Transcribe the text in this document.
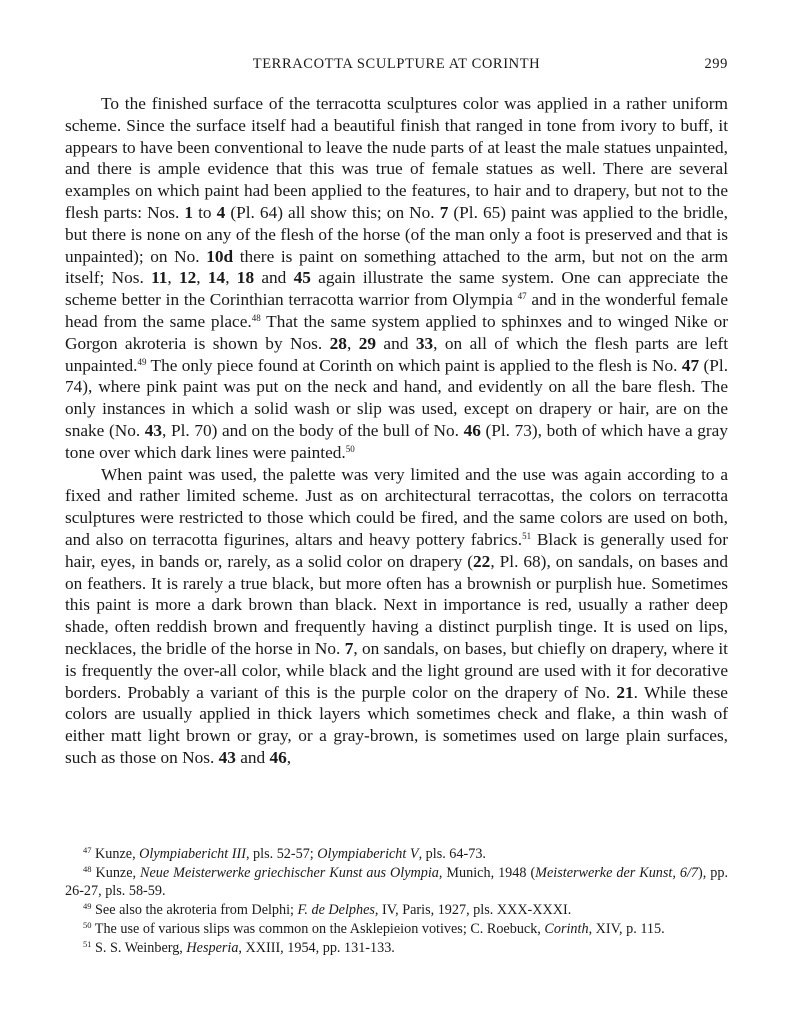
TERRACOTTA SCULPTURE AT CORINTH	299

To the finished surface of the terracotta sculptures color was applied in a rather uniform scheme. Since the surface itself had a beautiful finish that ranged in tone from ivory to buff, it appears to have been conventional to leave the nude parts of at least the male statues unpainted, and there is ample evidence that this was true of female statues as well. There are several examples on which paint had been applied to the features, to hair and to drapery, but not to the flesh parts: Nos. 1 to 4 (Pl. 64) all show this; on No. 7 (Pl. 65) paint was applied to the bridle, but there is none on any of the flesh of the horse (of the man only a foot is preserved and that is unpainted); on No. 10d there is paint on something attached to the arm, but not on the arm itself; Nos. 11, 12, 14, 18 and 45 again illustrate the same system. One can appreciate the scheme better in the Corinthian terracotta warrior from Olympia $^{47}$ and in the wonderful female head from the same place.$^{48}$ That the same system applied to sphinxes and to winged Nike or Gorgon akroteria is shown by Nos. 28, 29 and 33, on all of which the flesh parts are left unpainted.$^{49}$ The only piece found at Corinth on which paint is applied to the flesh is No. 47 (Pl. 74), where pink paint was put on the neck and hand, and evidently on all the bare flesh. The only instances in which a solid wash or slip was used, except on drapery or hair, are on the snake (No. 43, Pl. 70) and on the body of the bull of No. 46 (Pl. 73), both of which have a gray tone over which dark lines were painted.$^{50}$

When paint was used, the palette was very limited and the use was again according to a fixed and rather limited scheme. Just as on architectural terracottas, the colors on terracotta sculptures were restricted to those which could be fired, and the same colors are used on both, and also on terracotta figurines, altars and heavy pottery fabrics.$^{51}$ Black is generally used for hair, eyes, in bands or, rarely, as a solid color on drapery (22, Pl. 68), on sandals, on bases and on feathers. It is rarely a true black, but more often has a brownish or purplish hue. Sometimes this paint is more a dark brown than black. Next in importance is red, usually a rather deep shade, often reddish brown and frequently having a distinct purplish tinge. It is used on lips, necklaces, the bridle of the horse in No. 7, on sandals, on bases, but chiefly on drapery, where it is frequently the over-all color, while black and the light ground are used with it for decorative borders. Probably a variant of this is the purple color on the drapery of No. 21. While these colors are usually applied in thick layers which sometimes check and flake, a thin wash of either matt light brown or gray, or a gray-brown, is sometimes used on large plain surfaces, such as those on Nos. 43 and 46,

$^{47}$ Kunze, Olympiabericht III, pls. 52-57; Olympiabericht V, pls. 64-73.

$^{48}$ Kunze, Neue Meisterwerke griechischer Kunst aus Olympia, Munich, 1948 (Meisterwerke der Kunst, 6/7), pp. 26-27, pls. 58-59.

$^{49}$ See also the akroteria from Delphi; F. de Delphes, IV, Paris, 1927, pls. XXX-XXXI.

$^{50}$ The use of various slips was common on the Asklepieion votives; C. Roebuck, Corinth, XIV, p. 115.

$^{51}$ S. S. Weinberg, Hesperia, XXIII, 1954, pp. 131-133.
